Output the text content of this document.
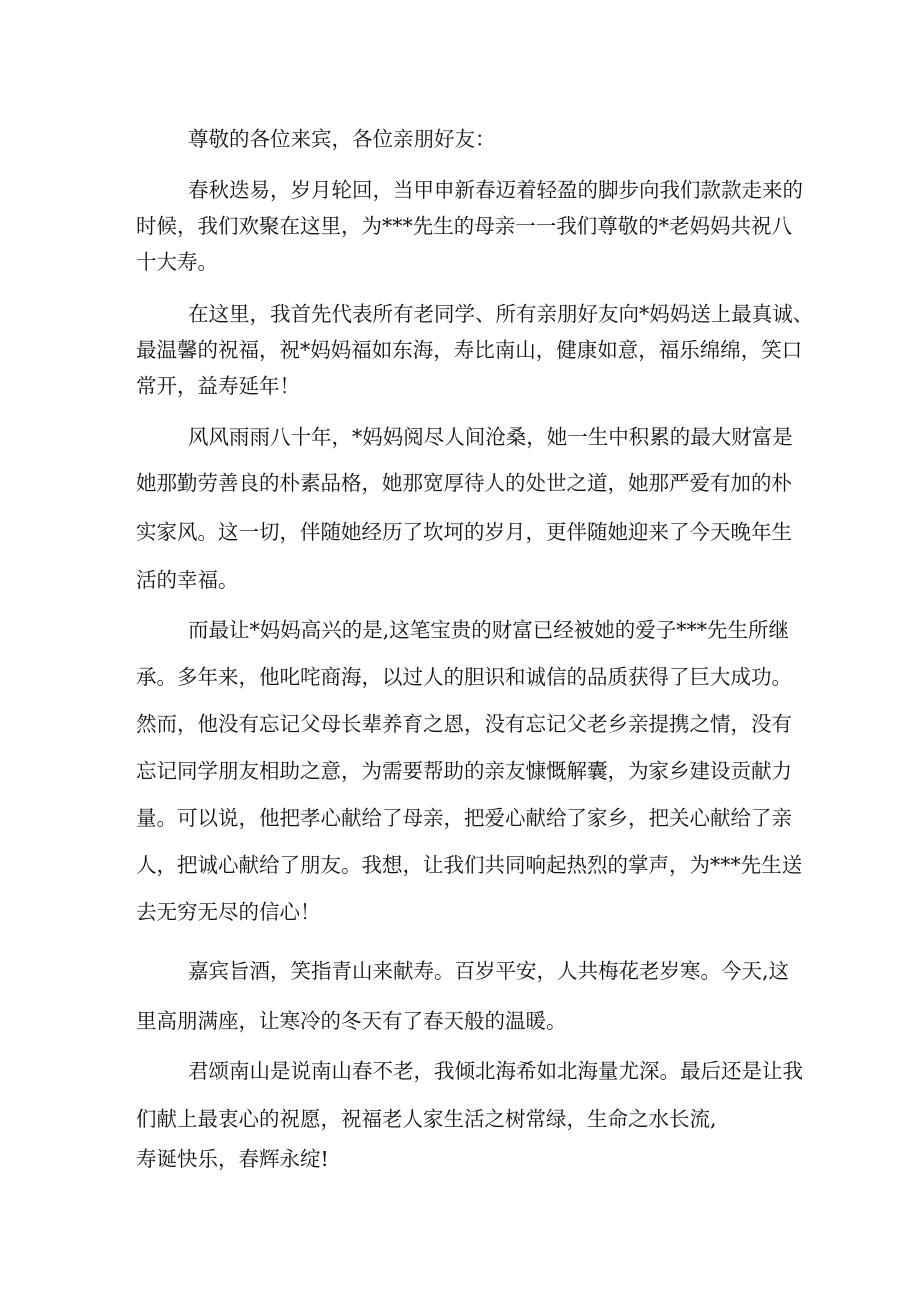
尊敬的各位来宾，各位亲朋好友：

春秋迭易，岁月轮回，当甲申新春迈着轻盈的脚步向我们款款走来的

时候，我们欢聚在这里，为***先生的母亲一一我们尊敬的*老妈妈共祝八

十大寿。

在这里，我首先代表所有老同学、所有亲朋好友向*妈妈送上最真诚、

最温馨的祝福，祝*妈妈福如东海，寿比南山，健康如意，福乐绵绵，笑口

常开，益寿延年！

风风雨雨八十年，*妈妈阅尽人间沧桑，她一生中积累的最大财富是

她那勤劳善良的朴素品格，她那宽厚待人的处世之道，她那严爱有加的朴

实家风。这一切，伴随她经历了坎坷的岁月，更伴随她迎来了今天晚年生

活的幸福。

而最让*妈妈高兴的是,这笔宝贵的财富已经被她的爱子***先生所继

承。多年来，他叱咤商海，以过人的胆识和诚信的品质获得了巨大成功。

然而，他没有忘记父母长辈养育之恩，没有忘记父老乡亲提携之情，没有

忘记同学朋友相助之意，为需要帮助的亲友慷慨解囊，为家乡建设贡献力

量。可以说，他把孝心献给了母亲，把爱心献给了家乡，把关心献给了亲

人，把诚心献给了朋友。我想，让我们共同响起热烈的掌声，为***先生送

去无穷无尽的信心！

嘉宾旨酒，笑指青山来献寿。百岁平安，人共梅花老岁寒。今天,这

里高朋满座，让寒冷的冬天有了春天般的温暖。

君颂南山是说南山春不老，我倾北海希如北海量尤深。最后还是让我

们献上最衷心的祝愿，祝福老人家生活之树常绿，生命之水长流,

寿诞快乐，春辉永绽!
